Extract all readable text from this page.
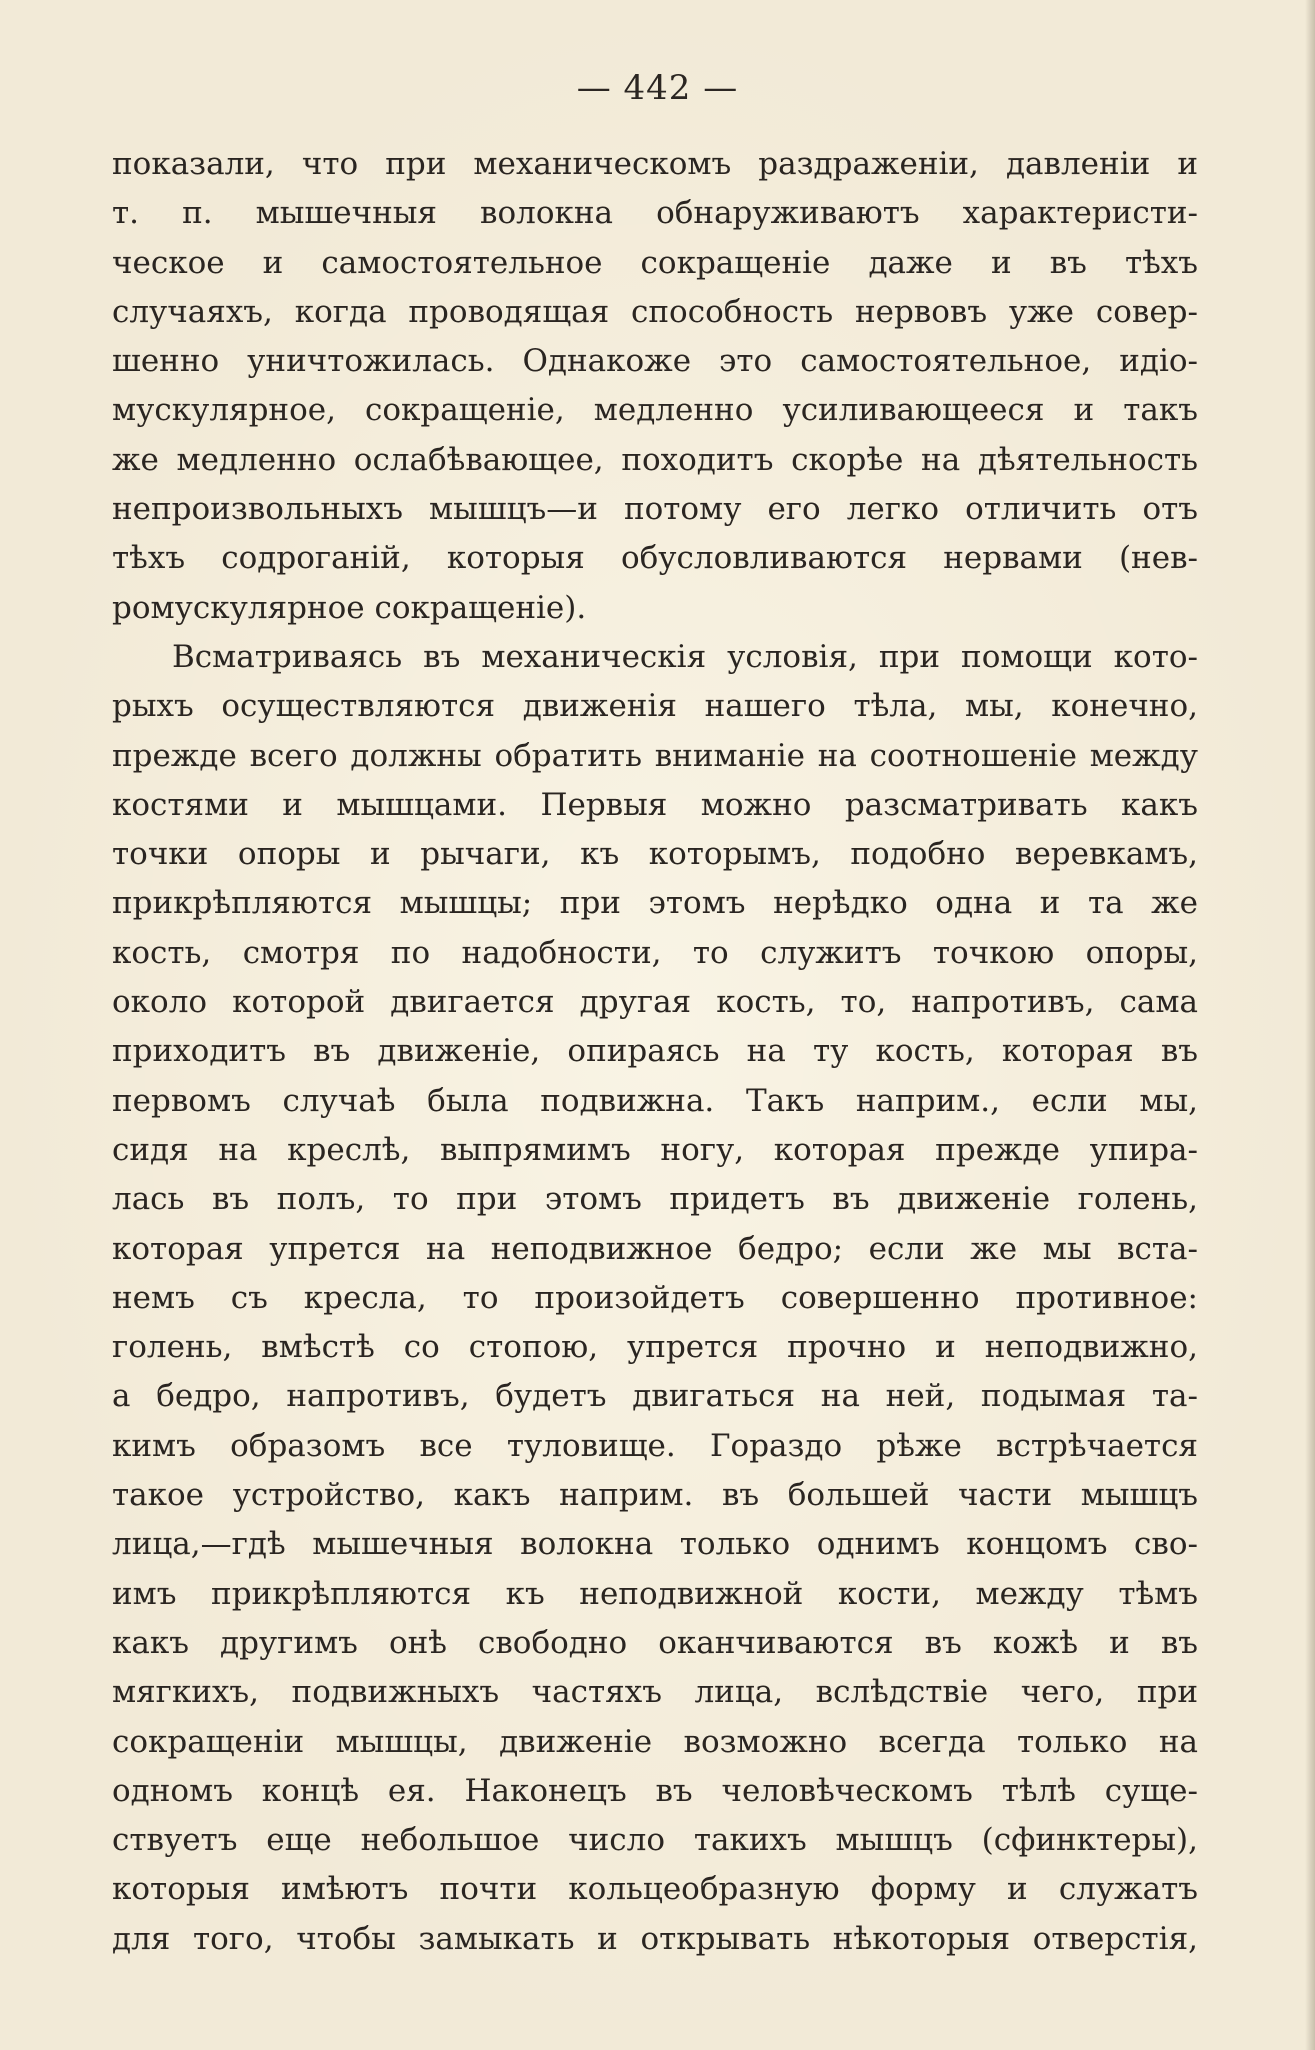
— 442 —
показали, что при механическомъ раздраженіи, давленіи и
т. п. мышечныя волокна обнаруживаютъ характеристи-
ческое и самостоятельное сокращеніе даже и въ тѣхъ
случаяхъ, когда проводящая способность нервовъ уже совер-
шенно уничтожилась. Однакоже это самостоятельное, идіо-
мускулярное, сокращеніе, медленно усиливающееся и такъ
же медленно ослабѣвающее, походитъ скорѣе на дѣятельность
непроизвольныхъ мышцъ—и потому его легко отличить отъ
тѣхъ содроганій, которыя обусловливаются нервами (нев-
ромускулярное сокращеніе).
Всматриваясь въ механическія условія, при помощи кото-
рыхъ осуществляются движенія нашего тѣла, мы, конечно,
прежде всего должны обратить вниманіе на соотношеніе между
костями и мышцами. Первыя можно разсматривать какъ
точки опоры и рычаги, къ которымъ, подобно веревкамъ,
прикрѣпляются мышцы; при этомъ нерѣдко одна и та же
кость, смотря по надобности, то служитъ точкою опоры,
около которой двигается другая кость, то, напротивъ, сама
приходитъ въ движеніе, опираясь на ту кость, которая въ
первомъ случаѣ была подвижна. Такъ наприм., если мы,
сидя на креслѣ, выпрямимъ ногу, которая прежде упира-
лась въ полъ, то при этомъ придетъ въ движеніе голень,
которая упрется на неподвижное бедро; если же мы вста-
немъ съ кресла, то произойдетъ совершенно противное:
голень, вмѣстѣ со стопою, упрется прочно и неподвижно,
а бедро, напротивъ, будетъ двигаться на ней, подымая та-
кимъ образомъ все туловище. Гораздо рѣже встрѣчается
такое устройство, какъ наприм. въ большей части мышцъ
лица,—гдѣ мышечныя волокна только однимъ концомъ сво-
имъ прикрѣпляются къ неподвижной кости, между тѣмъ
какъ другимъ онѣ свободно оканчиваются въ кожѣ и въ
мягкихъ, подвижныхъ частяхъ лица, вслѣдствіе чего, при
сокращеніи мышцы, движеніе возможно всегда только на
одномъ концѣ ея. Наконецъ въ человѣческомъ тѣлѣ суще-
ствуетъ еще небольшое число такихъ мышцъ (сфинктеры),
которыя имѣютъ почти кольцеобразную форму и служатъ
для того, чтобы замыкать и открывать нѣкоторыя отверстія,
